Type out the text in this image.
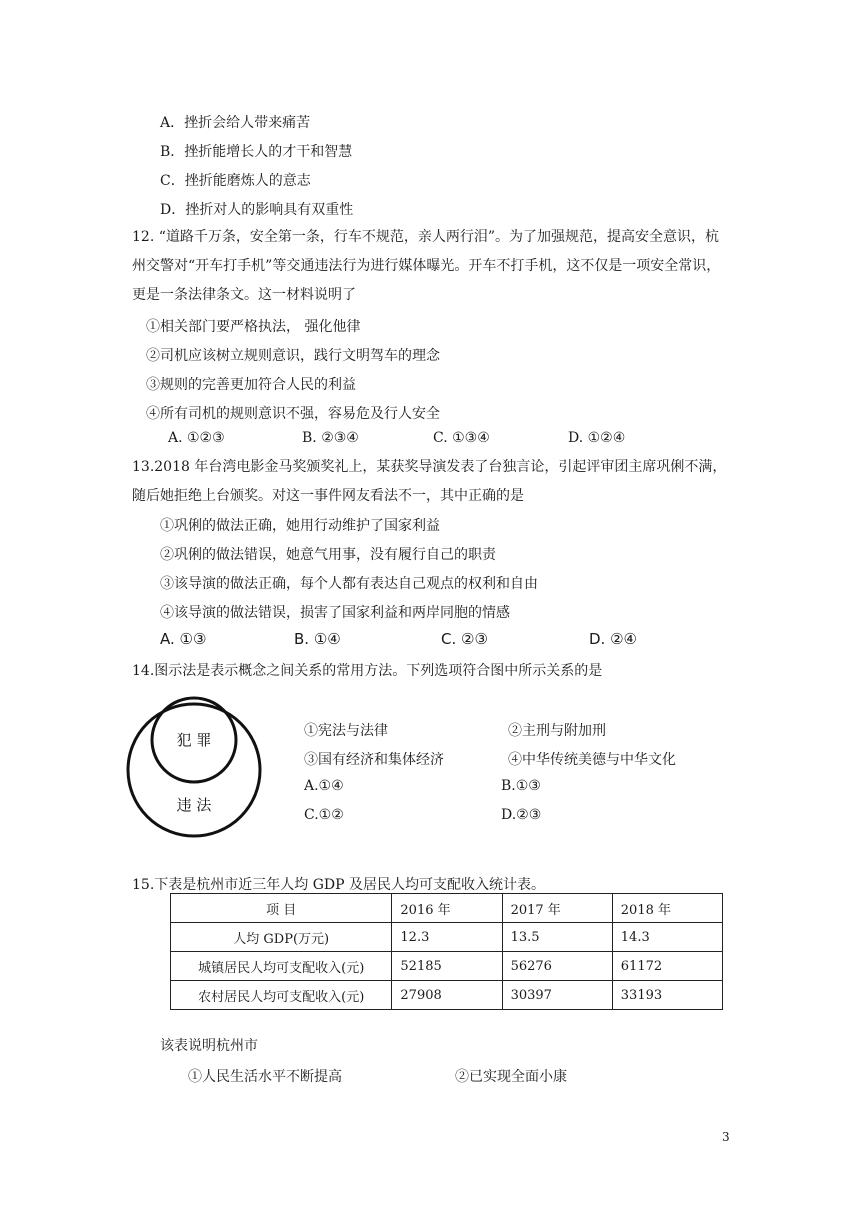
A．挫折会给人带来痛苦
B．挫折能增长人的才干和智慧
C．挫折能磨炼人的意志
D．挫折对人的影响具有双重性
12. “道路千万条，安全第一条，行车不规范，亲人两行泪”。为了加强规范，提高安全意识，杭州交警对“开车打手机”等交通违法行为进行媒体曝光。开车不打手机，这不仅是一项安全常识，更是一条法律条文。这一材料说明了
①相关部门要严格执法， 强化他律
②司机应该树立规则意识，践行文明驾车的理念
③规则的完善更加符合人民的利益
④所有司机的规则意识不强，容易危及行人安全
A. ①②③	B. ②③④	C. ①③④	D. ①②④
13.2018 年台湾电影金马奖颁奖礼上，某获奖导演发表了台独言论，引起评审团主席巩俐不满，随后她拒绝上台颁奖。对这一事件网友看法不一，其中正确的是
①巩俐的做法正确，她用行动维护了国家利益
②巩俐的做法错误，她意气用事，没有履行自己的职责
③该导演的做法正确，每个人都有表达自己观点的权利和自由
④该导演的做法错误，损害了国家利益和两岸同胞的情感
A. ①③	B. ①④	C. ②③	D. ②④
14.图示法是表示概念之间关系的常用方法。下列选项符合图中所示关系的是
犯 罪
违 法
①宪法与法律	②主刑与附加刑
③国有经济和集体经济	④中华传统美德与中华文化
A.①④	B.①③
C.①②	D.②③
15.下表是杭州市近三年人均 GDP 及居民人均可支配收入统计表。
项 目	2016 年	2017 年	2018 年
人均 GDP(万元)	12.3	13.5	14.3
城镇居民人均可支配收入(元)	52185	56276	61172
农村居民人均可支配收入(元)	27908	30397	33193
该表说明杭州市
①人民生活水平不断提高	②已实现全面小康
3
